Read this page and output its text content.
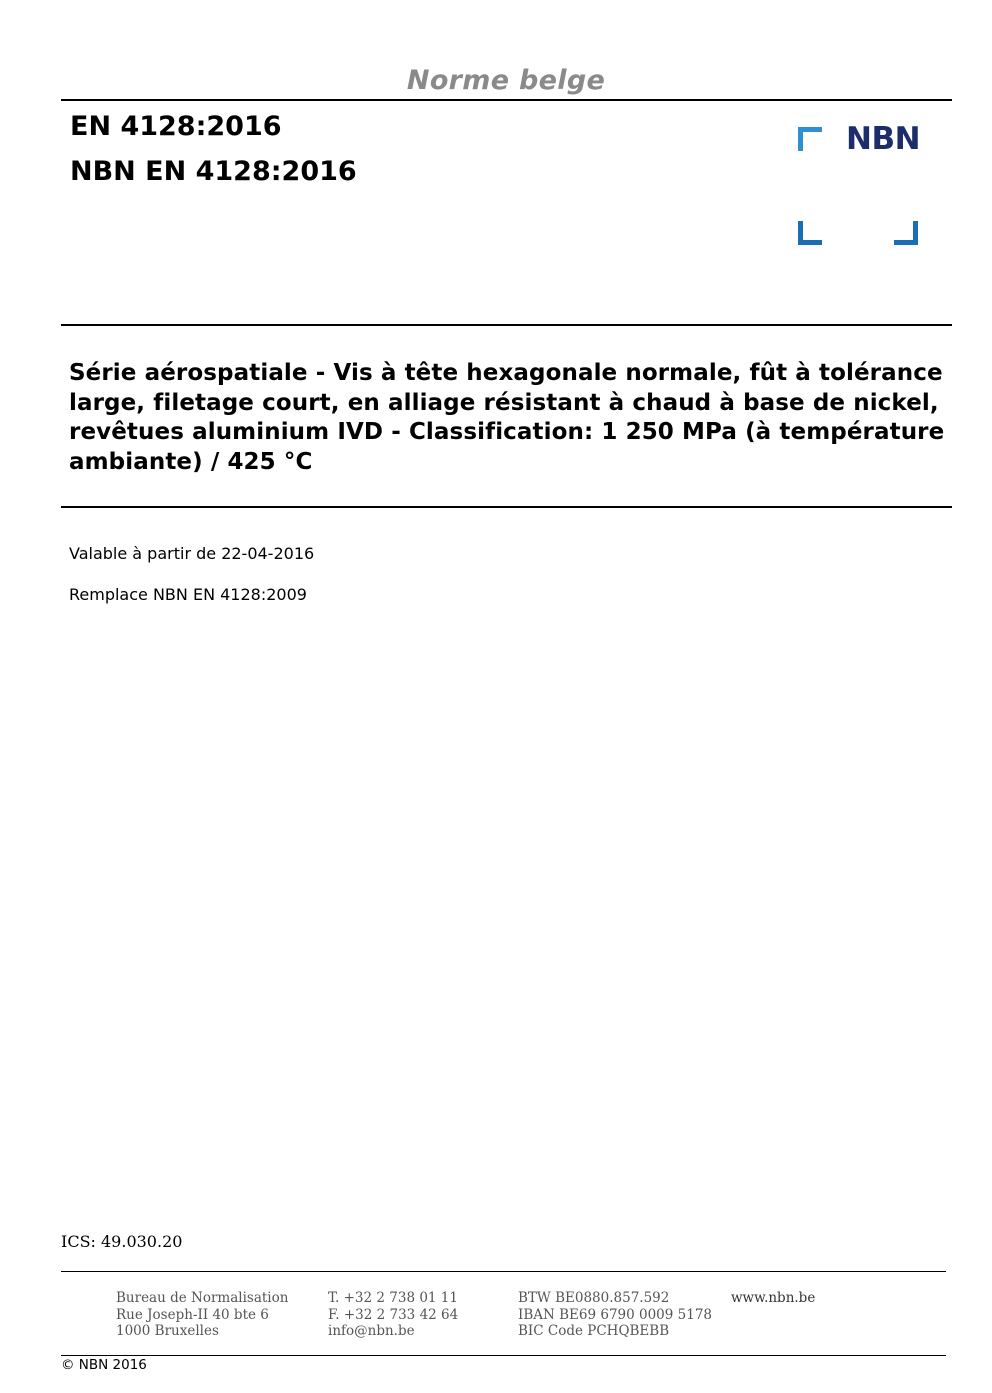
Norme belge
EN 4128:2016
NBN EN 4128:2016
NBN
Série aérospatiale - Vis à tête hexagonale normale, fût à tolérance large, filetage court, en alliage résistant à chaud à base de nickel, revêtues aluminium IVD - Classification: 1 250 MPa (à température ambiante) / 425 °C
Valable à partir de 22-04-2016
Remplace NBN EN 4128:2009
ICS: 49.030.20
Bureau de Normalisation
Rue Joseph-II 40 bte 6
1000 Bruxelles
T. +32 2 738 01 11
F. +32 2 733 42 64
info@nbn.be
BTW BE0880.857.592
IBAN BE69 6790 0009 5178
BIC Code PCHQBEBB
www.nbn.be
© NBN 2016
